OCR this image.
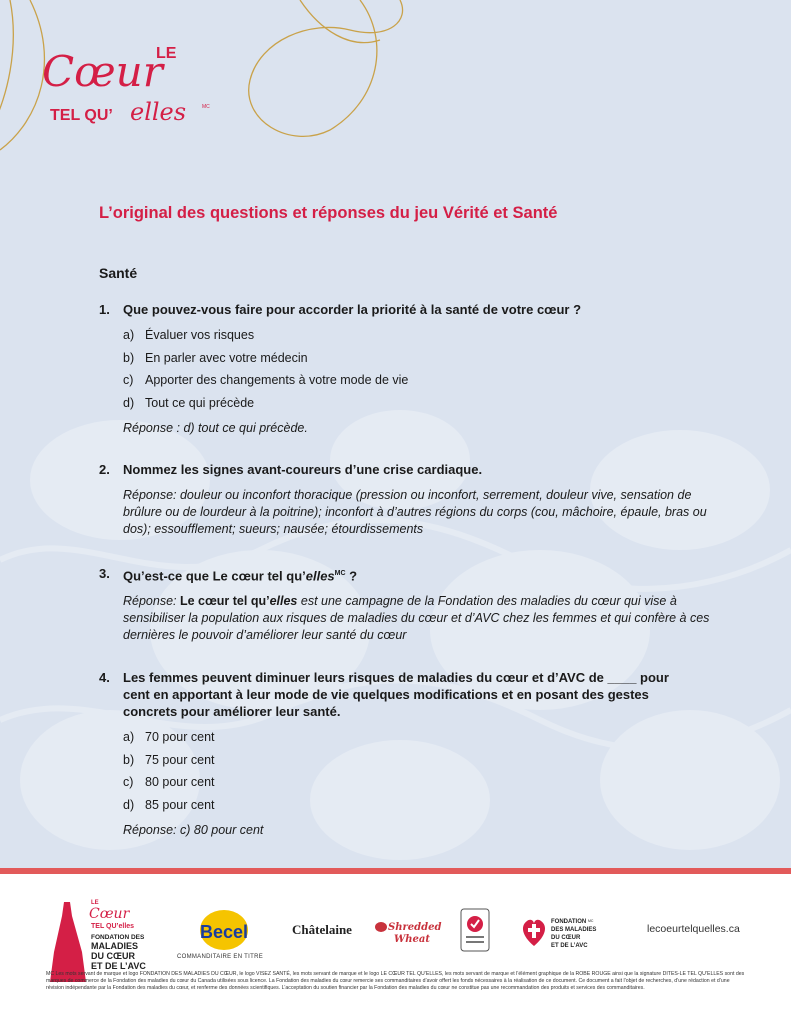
LE
Cœur
TEL QU’ elles	MC
L’original des questions et réponses du jeu Vérité et Santé
Santé
1.	Que pouvez-vous faire pour accorder la priorité à la santé de votre cœur ?
a) Évaluer vos risques
b) En parler avec votre médecin
c) Apporter des changements à votre mode de vie
d) Tout ce qui précède
Réponse : d) tout ce qui précède.
2.	Nommez les signes avant-coureurs d’une crise cardiaque.
Réponse: douleur ou inconfort thoracique (pression ou inconfort, serrement, douleur vive, sensation de brûlure ou de lourdeur à la poitrine); inconfort à d’autres régions du corps (cou, mâchoire, épaule, bras ou dos); essoufflement; sueurs; nausée; étourdissements
3.	Qu’est-ce que Le cœur tel qu’elles$^{MC}$ ?
Réponse: Le cœur tel qu’elles est une campagne de la Fondation des maladies du cœur qui vise à sensibiliser la population aux risques de maladies du cœur et d’AVC chez les femmes et qui confère à ces dernières le pouvoir d’améliorer leur santé du cœur
4.	Les femmes peuvent diminuer leurs risques de maladies du cœur et d’AVC de ____ pour cent en apportant à leur mode de vie quelques modifications et en posant des gestes concrets pour améliorer leur santé.
a) 70 pour cent
b) 75 pour cent
c) 80 pour cent
d) 85 pour cent
Réponse: c) 80 pour cent
LE
Cœur
TEL QU’elles
FONDATION DES
MALADIES
DU CŒUR
ET DE L’AVC
Becel
COMMANDITAIRE EN TITRE
Châtelaine	Shredded
Wheat
FONDATION
DES MALADIES
DU CŒUR
ET DE L’AVC
MC
lecoeurtelquelles.ca
MC Les mots servant de marque et logo FONDATION DES MALADIES DU CŒUR, le logo VISEZ SANTÉ, les mots servant de marque et le logo LE CŒUR TEL QU’ELLES, les mots servant de marque et l’élément graphique de la ROBE ROUGE ainsi que la signature DITES-LE TEL QU’ELLES sont des marques de commerce de la Fondation des maladies du cœur du Canada utilisées sous licence. La Fondation des maladies du cœur remercie ses commanditaires d’avoir offert les fonds nécessaires à la réalisation de ce document. Ce document a fait l’objet de recherches, d’une rédaction et d’une révision indépendante par la Fondation des maladies du cœur, et renferme des données scientifiques. L’acceptation du soutien financier par la Fondation des maladies du cœur ne constitue pas une recommandation des produits et services des commanditaires.
